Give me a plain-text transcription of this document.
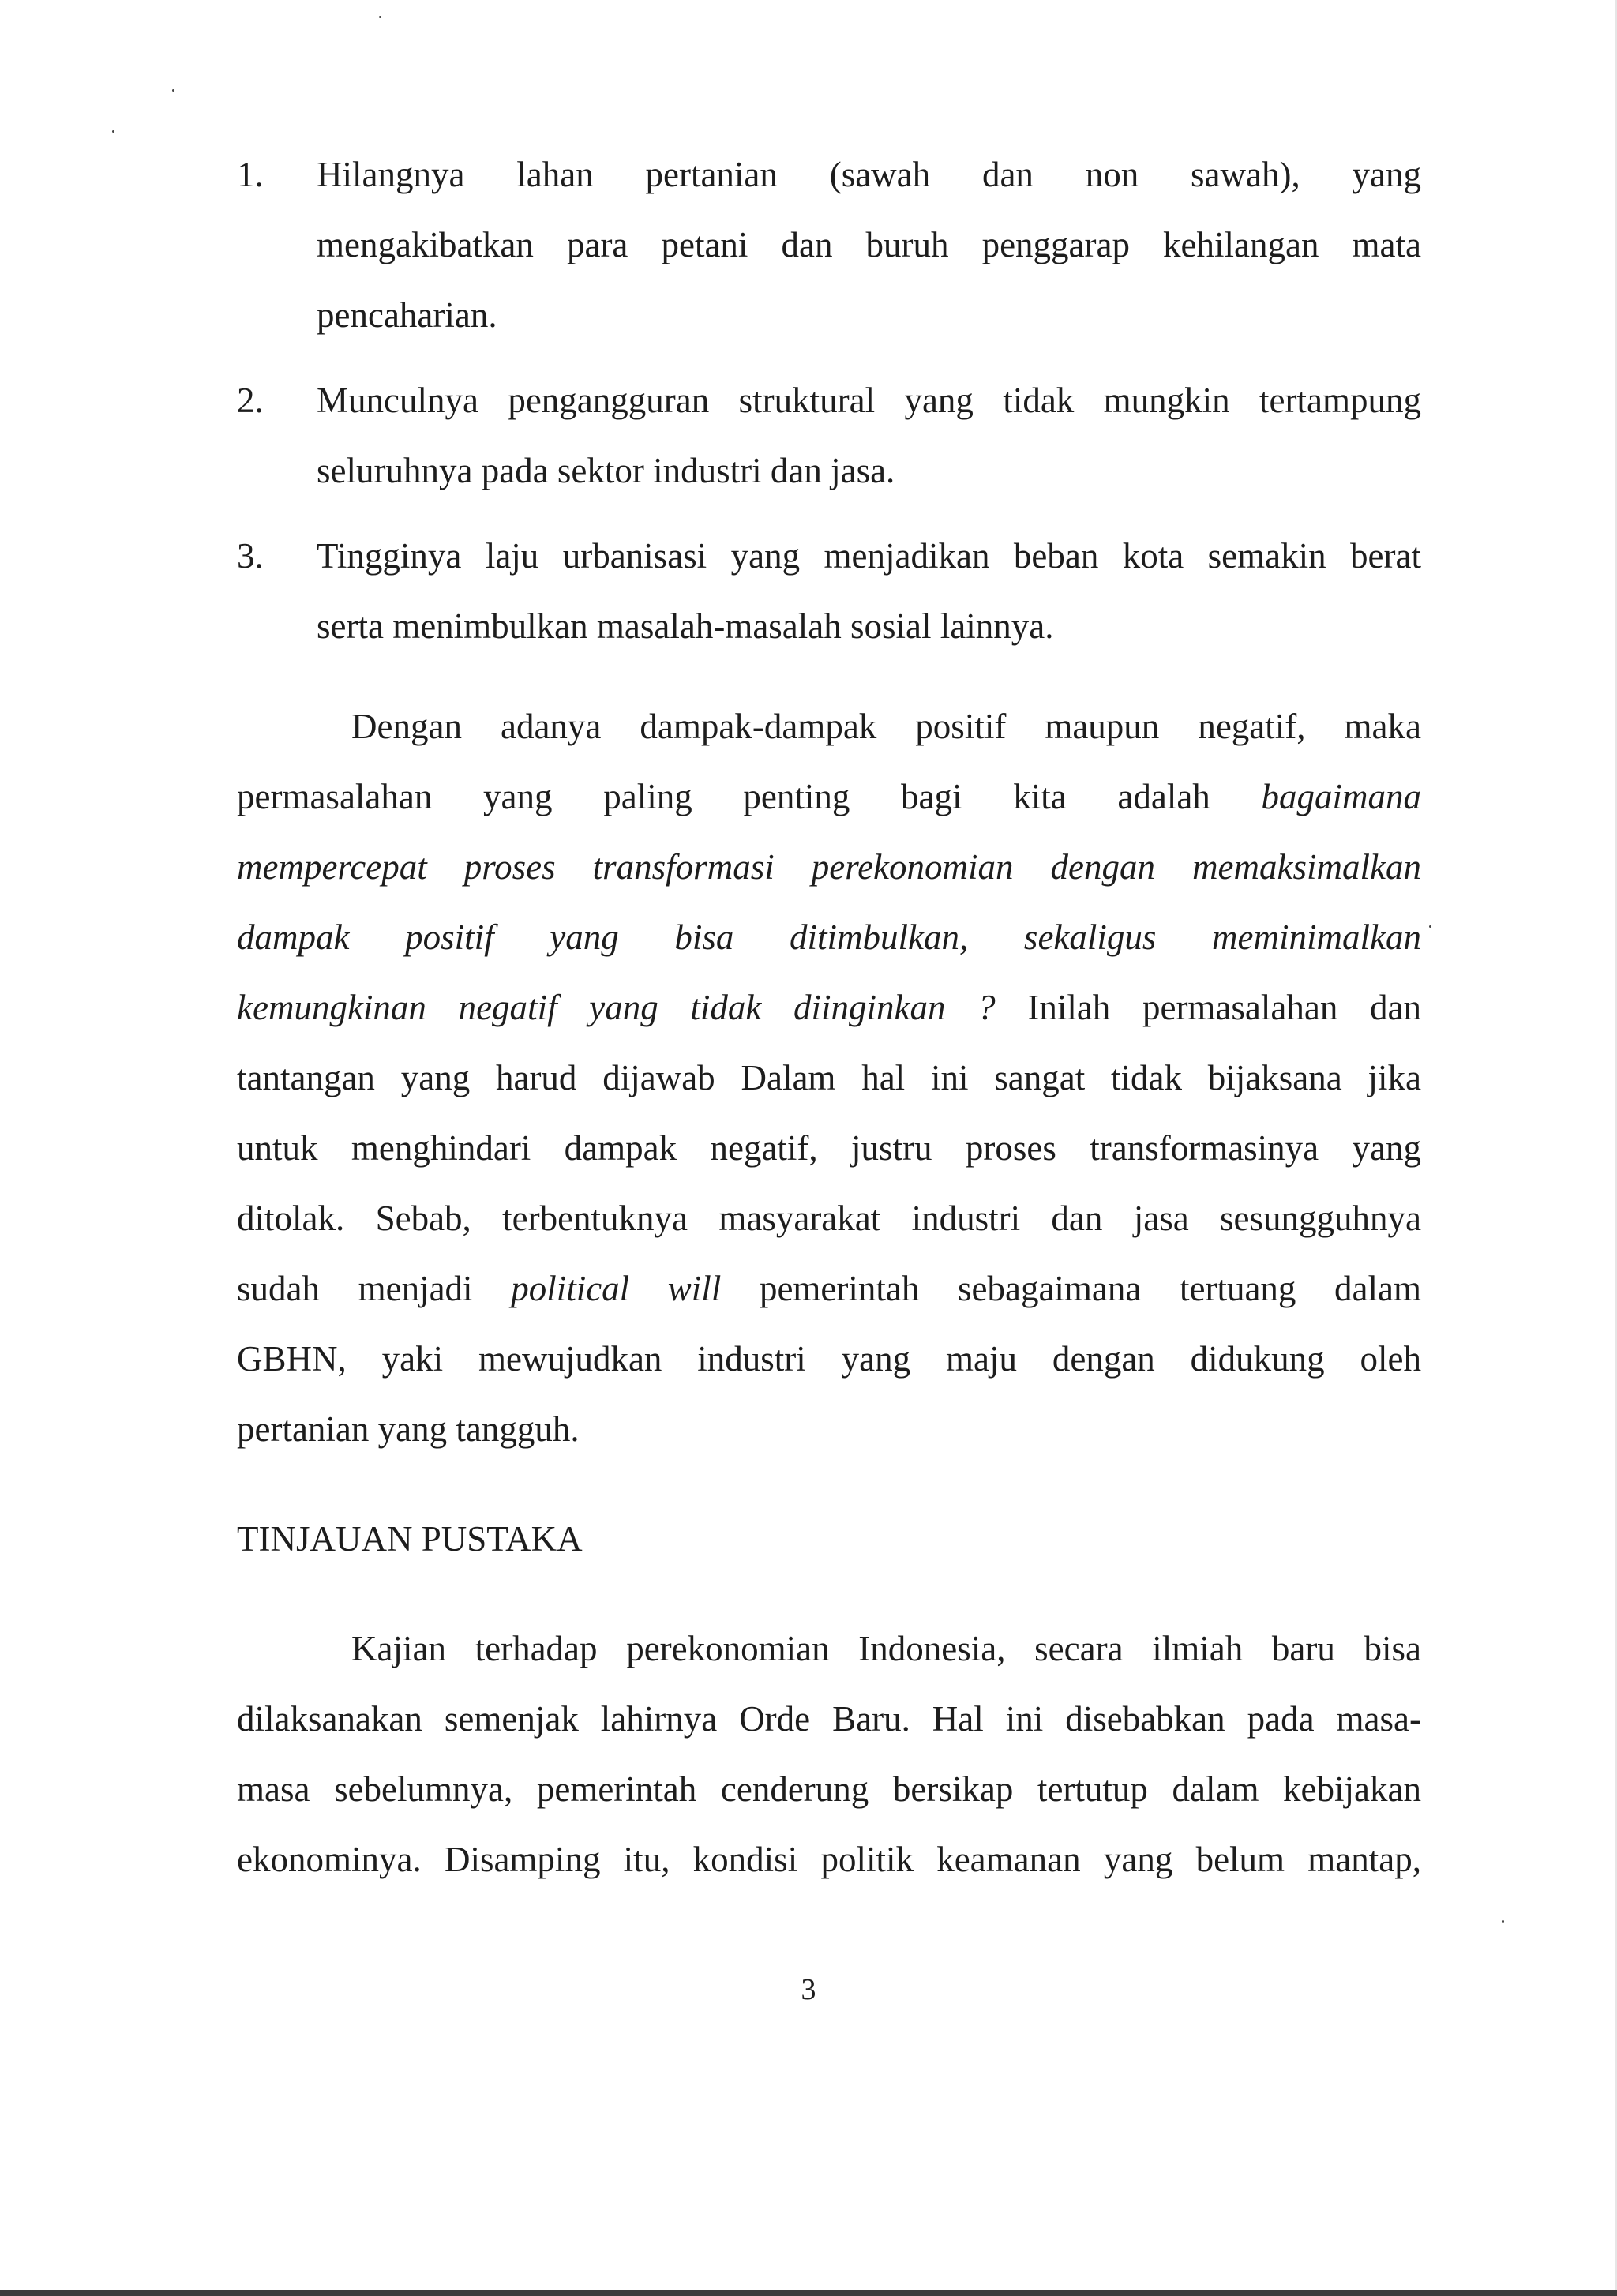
1.	Hilangnya lahan pertanian (sawah dan non sawah), yang
mengakibatkan para petani dan buruh penggarap kehilangan mata
pencaharian.
2.	Munculnya pengangguran struktural yang tidak mungkin tertampung
seluruhnya pada sektor industri dan jasa.
3.	Tingginya laju urbanisasi yang menjadikan beban kota semakin berat
serta menimbulkan masalah-masalah sosial lainnya.
Dengan adanya dampak-dampak positif maupun negatif, maka
permasalahan yang paling penting bagi kita adalah bagaimana
mempercepat proses transformasi perekonomian dengan memaksimalkan
dampak positif yang bisa ditimbulkan, sekaligus meminimalkan
kemungkinan negatif yang tidak diinginkan ? Inilah permasalahan dan
tantangan yang harud dijawab Dalam hal ini sangat tidak bijaksana jika
untuk menghindari dampak negatif, justru proses transformasinya yang
ditolak. Sebab, terbentuknya masyarakat industri dan jasa sesungguhnya
sudah menjadi political will pemerintah sebagaimana tertuang dalam
GBHN, yaki mewujudkan industri yang maju dengan didukung oleh
pertanian yang tangguh.
TINJAUAN PUSTAKA
Kajian terhadap perekonomian Indonesia, secara ilmiah baru bisa
dilaksanakan semenjak lahirnya Orde Baru. Hal ini disebabkan pada masa-
masa sebelumnya, pemerintah cenderung bersikap tertutup dalam kebijakan
ekonominya. Disamping itu, kondisi politik keamanan yang belum mantap,
3
